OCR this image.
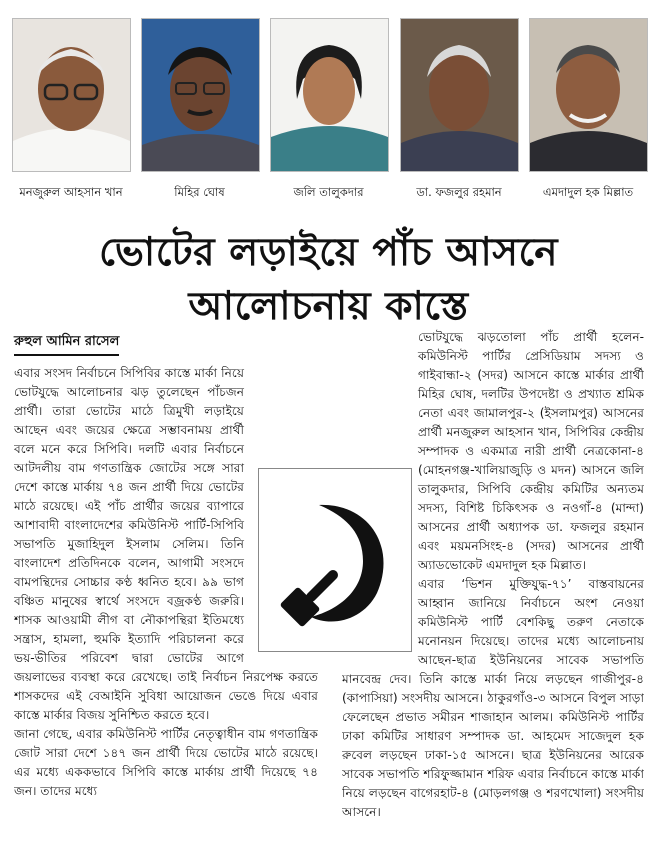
মনজুরুল আহসান খান	মিহির ঘোষ	জলি তালুকদার	ডা. ফজলুর রহমান	এমদাদুল হক মিল্লাত
ভোটের লড়াইয়ে পাঁচ আসনে
আলোচনায় কাস্তে
রুহুল আমিন রাসেল

এবার সংসদ নির্বাচনে সিপিবির কাস্তে মার্কা নিয়ে ভোটযুদ্ধে আলোচনার ঝড় তুলেছেন পাঁচজন প্রার্থী। তারা ভোটের মাঠে ত্রিমুখী লড়াইয়ে আছেন এবং জয়ের ক্ষেত্রে সম্ভাবনাময় প্রার্থী বলে মনে করে সিপিবি। দলটি এবার নির্বাচনে আটদলীয় বাম গণতান্ত্রিক জোটের সঙ্গে সারা দেশে কাস্তে মার্কায় ৭৪ জন প্রার্থী দিয়ে ভোটের মাঠে রয়েছে। এই পাঁচ প্রার্থীর জয়ের ব্যাপারে আশাবাদী বাংলাদেশের কমিউনিস্ট পার্টি-সিপিবি সভাপতি মুজাহিদুল ইসলাম সেলিম। তিনি বাংলাদেশ প্রতিদিনকে বলেন, আগামী সংসদে বামপন্থিদের সোচ্চার কণ্ঠ ধ্বনিত হবে। ৯৯ ভাগ বঞ্চিত মানুষের স্বার্থে সংসদে বজ্রকণ্ঠ জরুরি। শাসক আওয়ামী লীগ বা নৌকাপন্থিরা ইতিমধ্যে সন্ত্রাস, হামলা, হুমকি ইত্যাদি পরিচালনা করে ভয়-ভীতির পরিবেশ দ্বারা ভোটের আগে জয়লাভের ব্যবস্থা করে রেখেছে। তাই নির্বাচন নিরপেক্ষ করতে শাসকদের এই বেআইনি সুবিধা আয়োজন ভেঙে দিয়ে এবার কাস্তে মার্কার বিজয় সুনিশ্চিত করতে হবে।

জানা গেছে, এবার কমিউনিস্ট পার্টির নেতৃত্বাধীন বাম গণতান্ত্রিক জোট সারা দেশে ১৪৭ জন প্রার্থী দিয়ে ভোটের মাঠে রয়েছে। এর মধ্যে এককভাবে সিপিবি কাস্তে মার্কায় প্রার্থী দিয়েছে ৭৪ জন। তাদের মধ্যে

ভোটযুদ্ধে ঝড়তোলা পাঁচ প্রার্থী হলেন-কমিউনিস্ট পার্টির প্রেসিডিয়াম সদস্য ও গাইবান্ধা-২ (সদর) আসনে কাস্তে মার্কার প্রার্থী মিহির ঘোষ, দলটির উপদেষ্টা ও প্রখ্যাত শ্রমিক নেতা এবং জামালপুর-২ (ইসলামপুর) আসনের প্রার্থী মনজুরুল আহসান খান, সিপিবির কেন্দ্রীয় সম্পাদক ও একমাত্র নারী প্রার্থী নেত্রকোনা-৪ (মোহনগঞ্জ-খালিয়াজুড়ি ও মদন) আসনে জলি তালুকদার, সিপিবি কেন্দ্রীয় কমিটির অন্যতম সদস্য, বিশিষ্ট চিকিৎসক ও নওগাঁ-৪ (মান্দা) আসনের প্রার্থী অধ্যাপক ডা. ফজলুর রহমান এবং ময়মনসিংহ-৪ (সদর) আসনের প্রার্থী অ্যাডভোকেট এমদাদুল হক মিল্লাত।

এবার ‘ভিশন মুক্তিযুদ্ধ-৭১’ বাস্তবায়নের আহ্বান জানিয়ে নির্বাচনে অংশ নেওয়া কমিউনিস্ট পার্টি বেশকিছু তরুণ নেতাকে মনোনয়ন দিয়েছে। তাদের মধ্যে আলোচনায় আছেন-ছাত্র ইউনিয়নের সাবেক সভাপতি মানবেন্দ্র দেব। তিনি কাস্তে মার্কা নিয়ে লড়ছেন গাজীপুর-৪ (কাপাসিয়া) সংসদীয় আসনে। ঠাকুরগাঁও-৩ আসনে বিপুল সাড়া ফেলেছেন প্রভাত সমীরন শাজাহান আলম। কমিউনিস্ট পার্টির ঢাকা কমিটির সাধারণ সম্পাদক ডা. আহমেদ সাজেদুল হক রুবেল লড়ছেন ঢাকা-১৫ আসনে। ছাত্র ইউনিয়নের আরেক সাবেক সভাপতি শরিফুজ্জামান শরিফ এবার নির্বাচনে কাস্তে মার্কা নিয়ে লড়ছেন বাগেরহাট-৪ (মোড়লগঞ্জ ও শরণখোলা) সংসদীয় আসনে।
